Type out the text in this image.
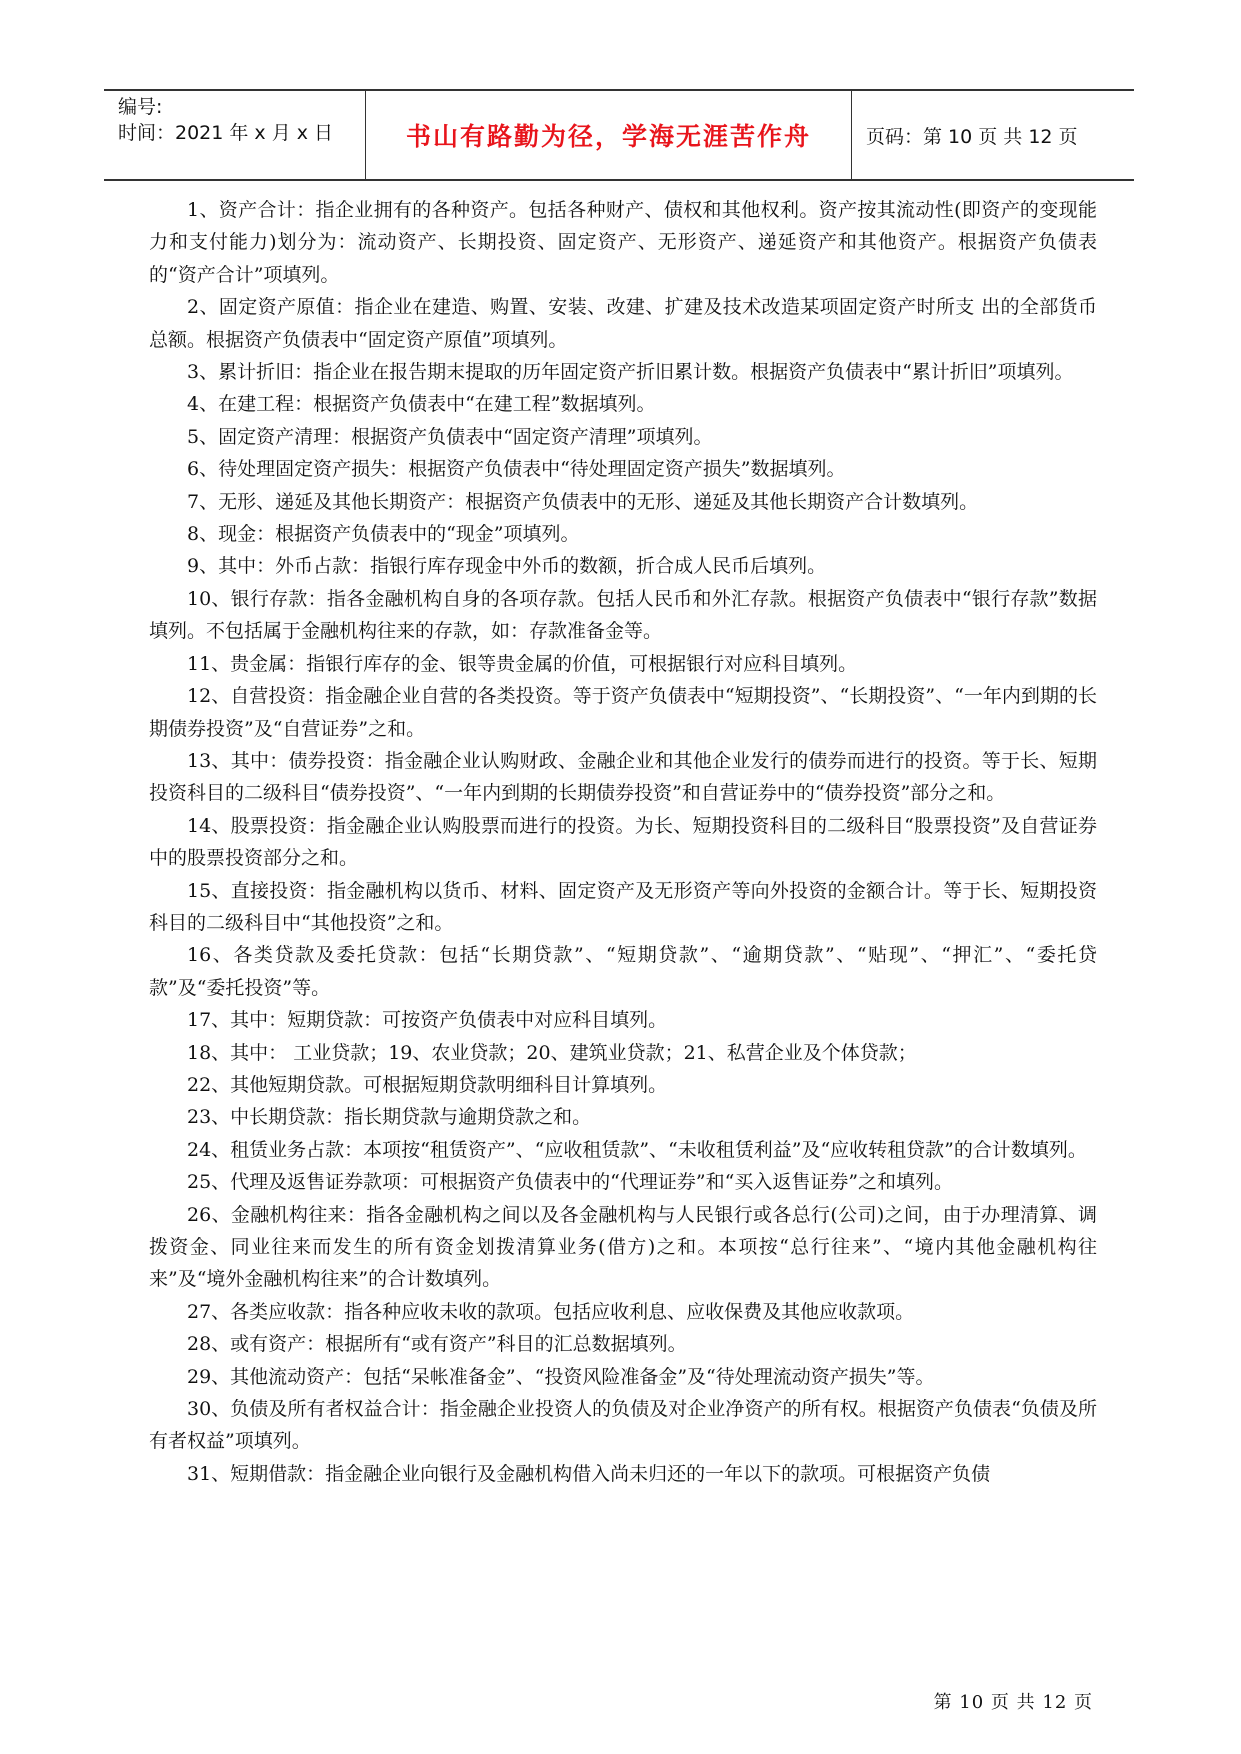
编号:
时间：2021 年 x 月 x 日	书山有路勤为径，学海无涯苦作舟	页码：第 10 页 共 12 页

1、资产合计：指企业拥有的各种资产。包括各种财产、债权和其他权利。资产按其流动性(即资产的变现能力和支付能力)划分为：流动资产、长期投资、固定资产、无形资产、递延资产和其他资产。根据资产负债表的“资产合计”项填列。

2、固定资产原值：指企业在建造、购置、安装、改建、扩建及技术改造某项固定资产时所支 出的全部货币总额。根据资产负债表中“固定资产原值”项填列。

3、累计折旧：指企业在报告期末提取的历年固定资产折旧累计数。根据资产负债表中“累计折旧”项填列。

4、在建工程：根据资产负债表中“在建工程”数据填列。

5、固定资产清理：根据资产负债表中“固定资产清理”项填列。

6、待处理固定资产损失：根据资产负债表中“待处理固定资产损失”数据填列。

7、无形、递延及其他长期资产：根据资产负债表中的无形、递延及其他长期资产合计数填列。

8、现金：根据资产负债表中的“现金”项填列。

9、其中：外币占款：指银行库存现金中外币的数额，折合成人民币后填列。

10、银行存款：指各金融机构自身的各项存款。包括人民币和外汇存款。根据资产负债表中“银行存款”数据填列。不包括属于金融机构往来的存款，如：存款准备金等。

11、贵金属：指银行库存的金、银等贵金属的价值，可根据银行对应科目填列。

12、自营投资：指金融企业自营的各类投资。等于资产负债表中“短期投资”、“长期投资”、“一年内到期的长期债券投资”及“自营证券”之和。

13、其中：债券投资：指金融企业认购财政、金融企业和其他企业发行的债券而进行的投资。等于长、短期投资科目的二级科目“债券投资”、“一年内到期的长期债券投资”和自营证券中的“债券投资”部分之和。

14、股票投资：指金融企业认购股票而进行的投资。为长、短期投资科目的二级科目“股票投资”及自营证券中的股票投资部分之和。

15、直接投资：指金融机构以货币、材料、固定资产及无形资产等向外投资的金额合计。等于长、短期投资科目的二级科目中“其他投资”之和。

16、各类贷款及委托贷款：包括“长期贷款”、“短期贷款”、“逾期贷款”、“贴现”、“押汇”、“委托贷款”及“委托投资”等。

17、其中：短期贷款：可按资产负债表中对应科目填列。

18、其中： 工业贷款；19、农业贷款；20、建筑业贷款；21、私营企业及个体贷款；

22、其他短期贷款。可根据短期贷款明细科目计算填列。

23、中长期贷款：指长期贷款与逾期贷款之和。

24、租赁业务占款：本项按“租赁资产”、“应收租赁款”、“未收租赁利益”及“应收转租贷款”的合计数填列。

25、代理及返售证券款项：可根据资产负债表中的“代理证券”和“买入返售证券”之和填列。

26、金融机构往来：指各金融机构之间以及各金融机构与人民银行或各总行(公司)之间，由于办理清算、调拨资金、同业往来而发生的所有资金划拨清算业务(借方)之和。本项按“总行往来”、“境内其他金融机构往来”及“境外金融机构往来”的合计数填列。

27、各类应收款：指各种应收未收的款项。包括应收利息、应收保费及其他应收款项。

28、或有资产：根据所有“或有资产”科目的汇总数据填列。

29、其他流动资产：包括“呆帐准备金”、“投资风险准备金”及“待处理流动资产损失”等。

30、负债及所有者权益合计：指金融企业投资人的负债及对企业净资产的所有权。根据资产负债表“负债及所有者权益”项填列。

31、短期借款：指金融企业向银行及金融机构借入尚未归还的一年以下的款项。可根据资产负债

第 10 页 共 12 页
